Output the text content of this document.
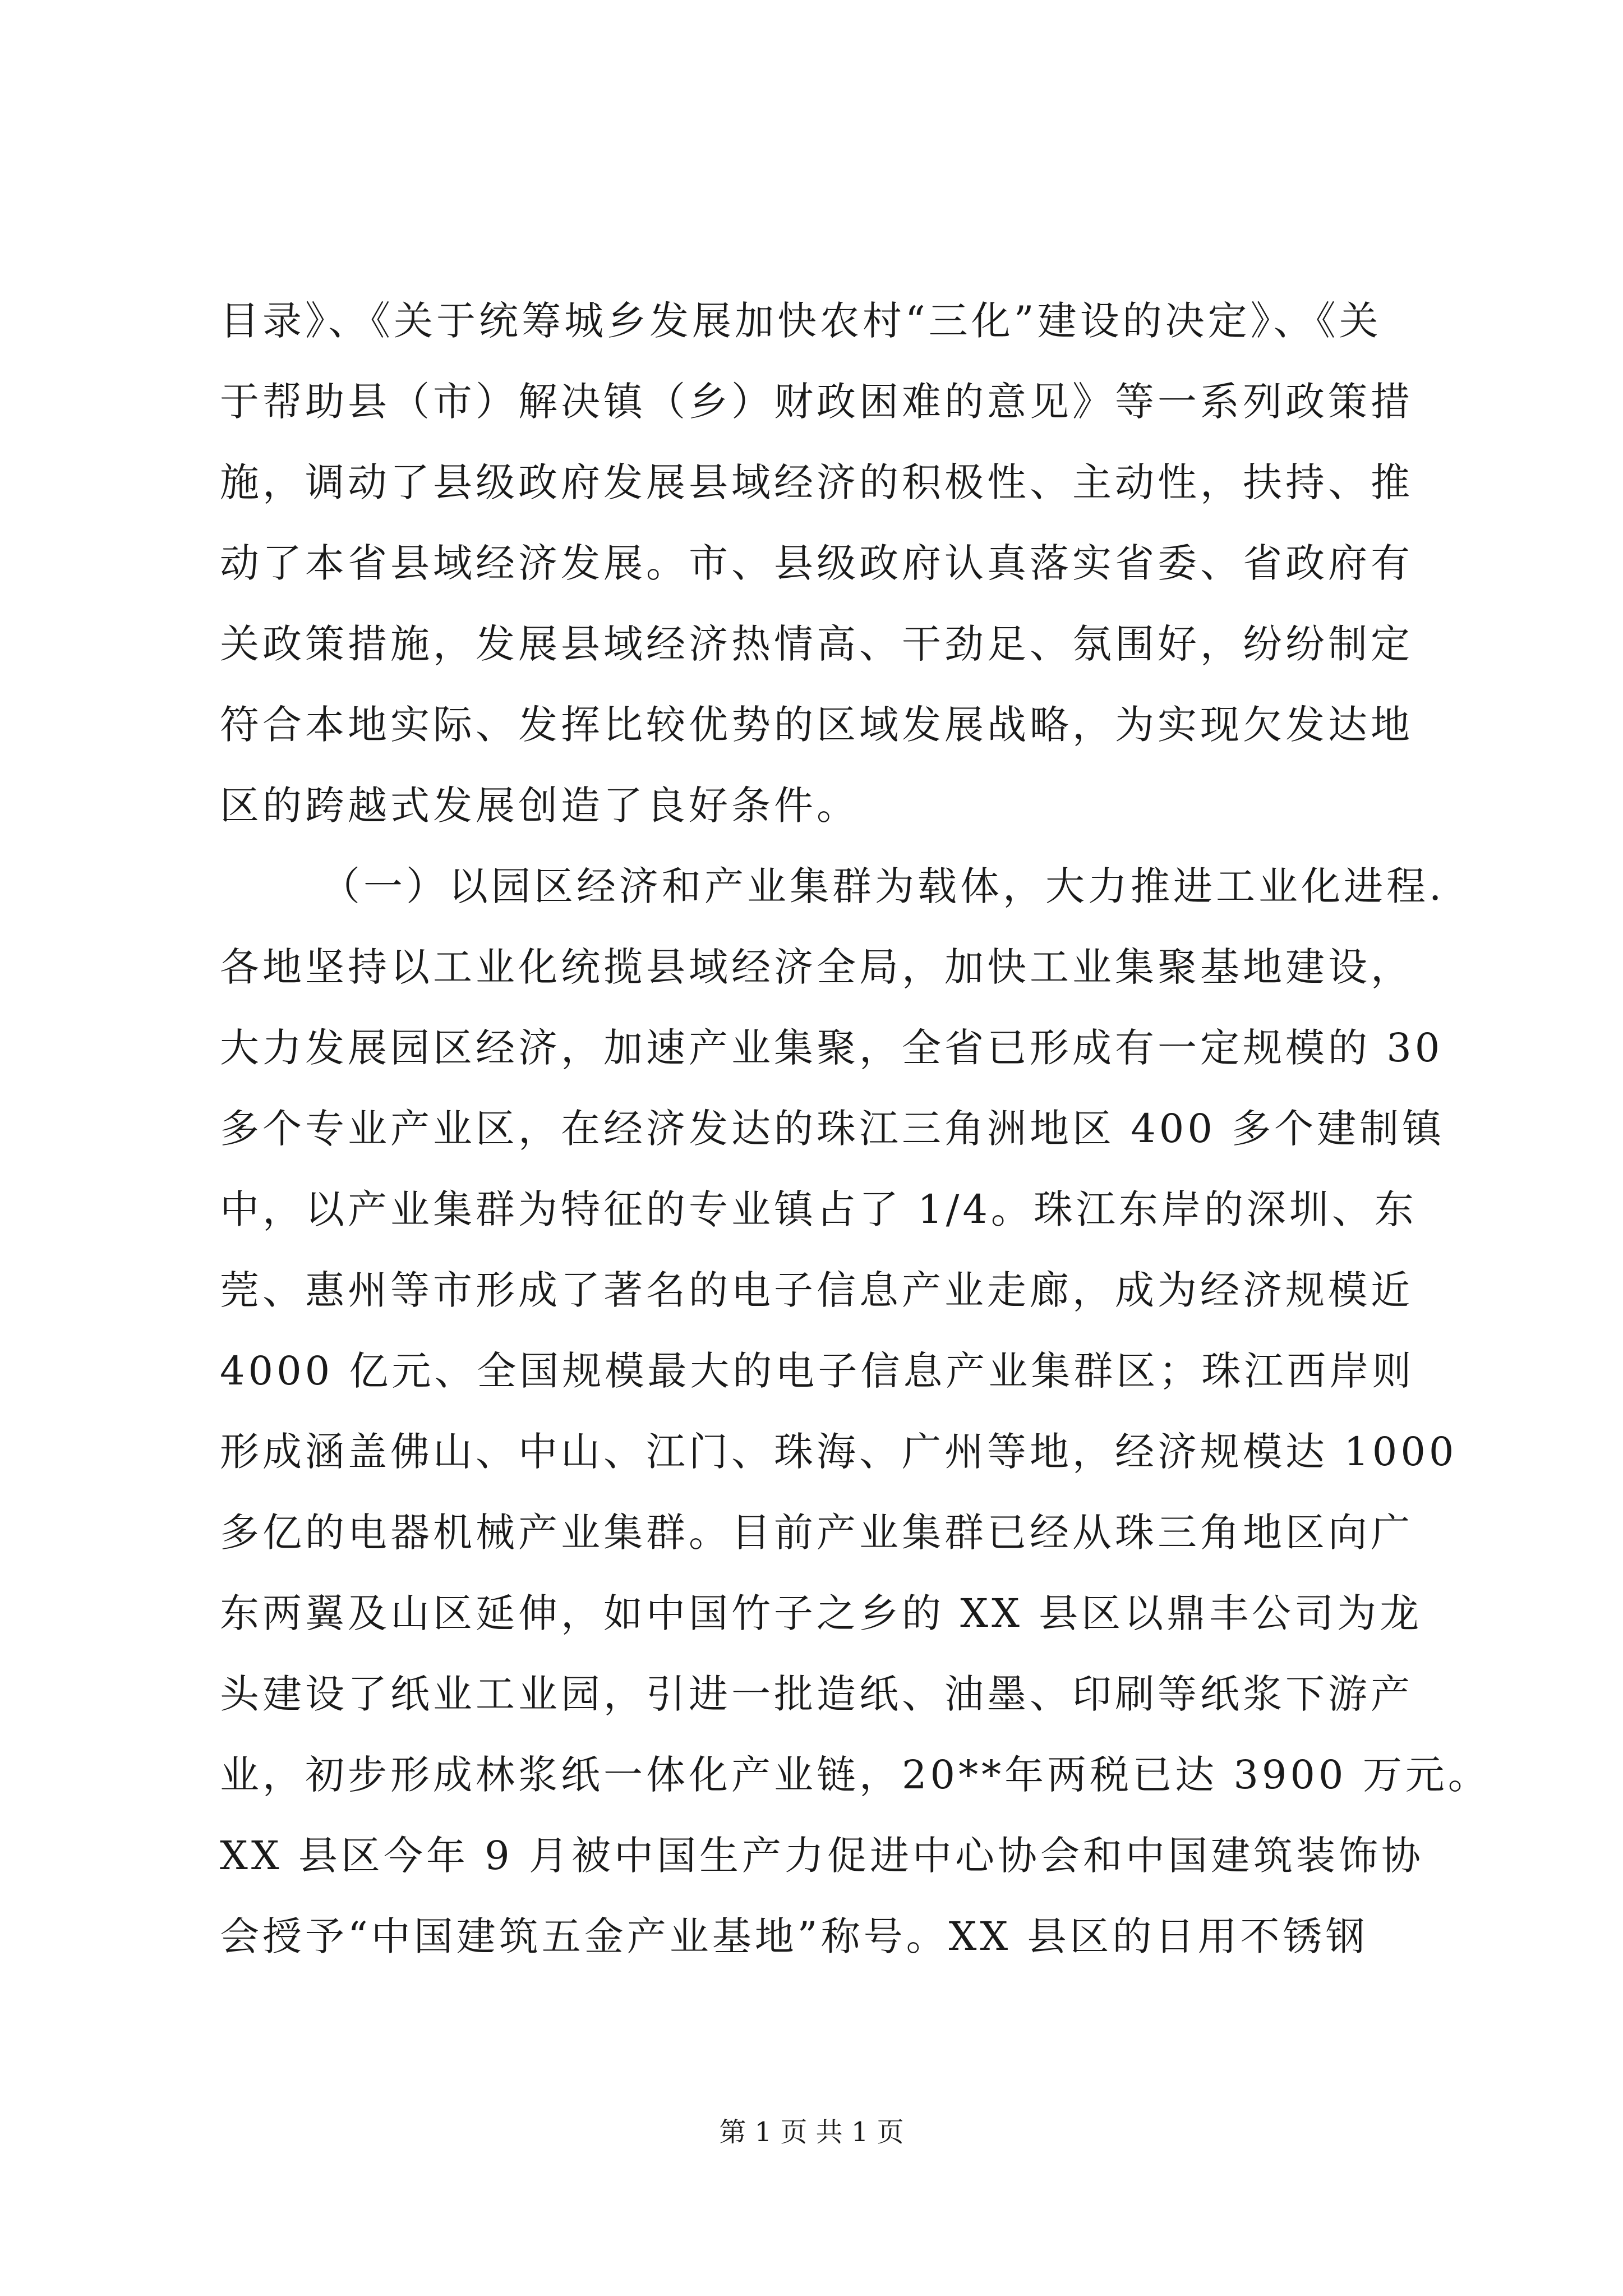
目录》、《关于统筹城乡发展加快农村“三化”建设的决定》、《关
于帮助县（市）解决镇（乡）财政困难的意见》等一系列政策措
施，调动了县级政府发展县域经济的积极性、主动性，扶持、推
动了本省县域经济发展。市、县级政府认真落实省委、省政府有
关政策措施，发展县域经济热情高、干劲足、氛围好，纷纷制定
符合本地实际、发挥比较优势的区域发展战略，为实现欠发达地
区的跨越式发展创造了良好条件。
（一）以园区经济和产业集群为载体，大力推进工业化进程.
各地坚持以工业化统揽县域经济全局，加快工业集聚基地建设，
大力发展园区经济，加速产业集聚，全省已形成有一定规模的 30
多个专业产业区，在经济发达的珠江三角洲地区 400 多个建制镇
中，以产业集群为特征的专业镇占了 1/4。珠江东岸的深圳、东
莞、惠州等市形成了著名的电子信息产业走廊，成为经济规模近
4000 亿元、全国规模最大的电子信息产业集群区；珠江西岸则
形成涵盖佛山、中山、江门、珠海、广州等地，经济规模达 1000
多亿的电器机械产业集群。目前产业集群已经从珠三角地区向广
东两翼及山区延伸，如中国竹子之乡的 XX 县区以鼎丰公司为龙
头建设了纸业工业园，引进一批造纸、油墨、印刷等纸浆下游产
业，初步形成林浆纸一体化产业链，20**年两税已达 3900 万元。
XX 县区今年 9 月被中国生产力促进中心协会和中国建筑装饰协
会授予“中国建筑五金产业基地”称号。XX 县区的日用不锈钢
第 1 页 共 1 页
